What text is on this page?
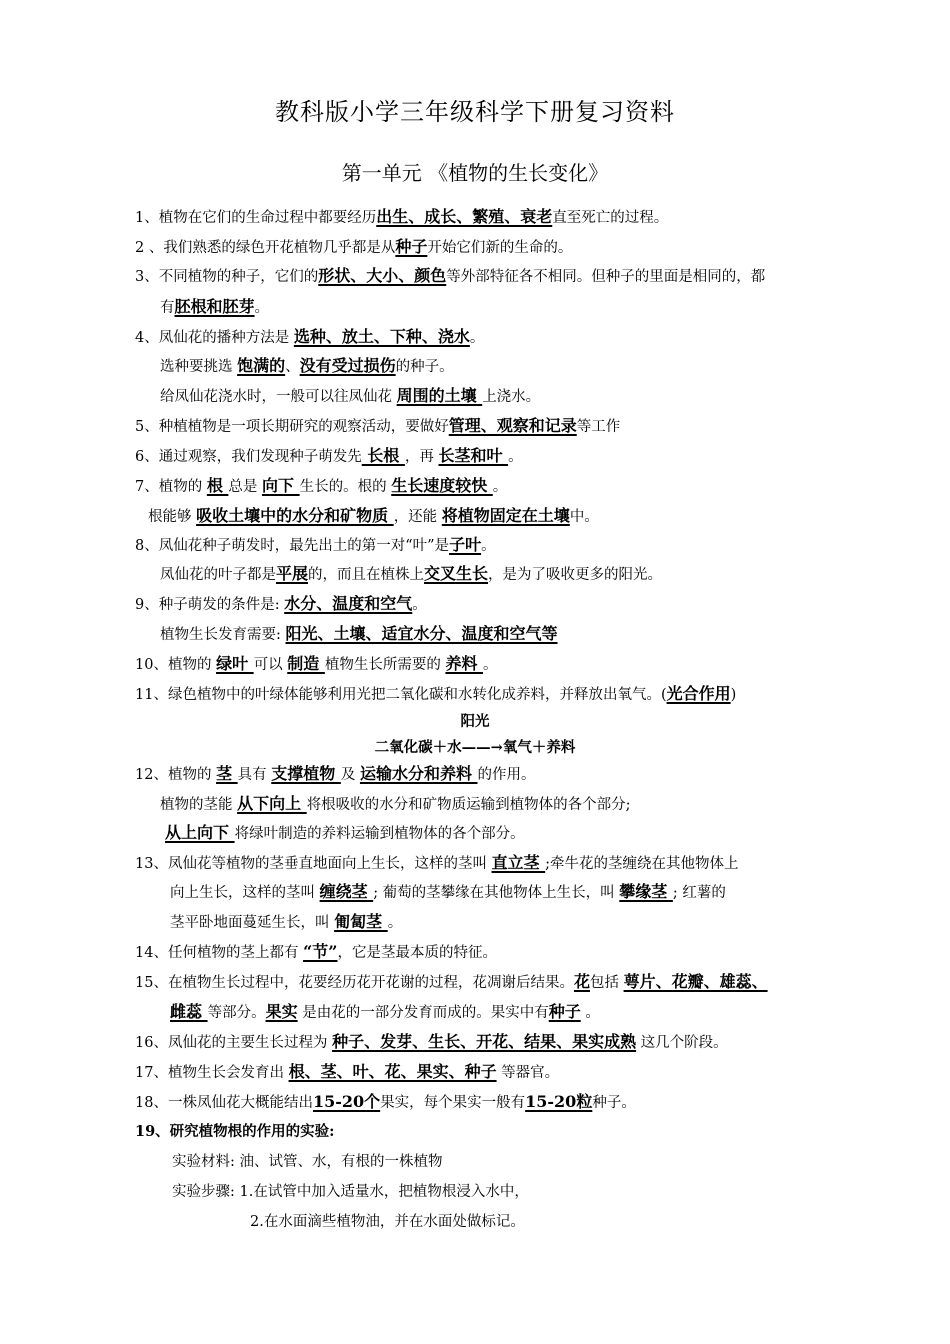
教科版小学三年级科学下册复习资料
第一单元 《植物的生长变化》
1、植物在它们的生命过程中都要经历出生、成长、繁殖、衰老直至死亡的过程。
2 、我们熟悉的绿色开花植物几乎都是从种子开始它们新的生命的。
3、不同植物的种子，它们的形状、大小、颜色等外部特征各不相同。但种子的里面是相同的，都
有胚根和胚芽。
4、凤仙花的播种方法是 选种、放土、下种、浇水。
选种要挑选 饱满的、没有受过损伤的种子。
给凤仙花浇水时，一般可以往凤仙花 周围的土壤 上浇水。
5、种植植物是一项长期研究的观察活动，要做好管理、观察和记录等工作
6、通过观察，我们发现种子萌发先 长根 ，再 长茎和叶 。
7、植物的 根 总是 向下 生长的。根的 生长速度较快 。
根能够 吸收土壤中的水分和矿物质 ，还能 将植物固定在土壤中。
8、凤仙花种子萌发时，最先出土的第一对“叶”是子叶。
凤仙花的叶子都是平展的，而且在植株上交叉生长，是为了吸收更多的阳光。
9、种子萌发的条件是: 水分、温度和空气。
植物生长发育需要: 阳光、土壤、适宜水分、温度和空气等
10、植物的 绿叶 可以 制造 植物生长所需要的 养料 。
11、绿色植物中的叶绿体能够利用光把二氧化碳和水转化成养料，并释放出氧气。(光合作用)
阳光
二氧化碳＋水——→氧气＋养料
12、植物的 茎 具有 支撑植物 及 运输水分和养料 的作用。
植物的茎能 从下向上 将根吸收的水分和矿物质运输到植物体的各个部分;
从上向下 将绿叶制造的养料运输到植物体的各个部分。
13、凤仙花等植物的茎垂直地面向上生长，这样的茎叫 直立茎 ;牵牛花的茎缠绕在其他物体上
向上生长，这样的茎叫 缠绕茎 ; 葡萄的茎攀缘在其他物体上生长，叫 攀缘茎 ; 红薯的
茎平卧地面蔓延生长，叫 匍匐茎 。
14、任何植物的茎上都有 “节”，它是茎最本质的特征。
15、在植物生长过程中，花要经历花开花谢的过程，花凋谢后结果。花包括 萼片、花瓣、雄蕊、
雌蕊 等部分。果实 是由花的一部分发育而成的。果实中有种子 。
16、凤仙花的主要生长过程为 种子、发芽、生长、开花、结果、果实成熟 这几个阶段。
17、植物生长会发育出 根、茎、叶、花、果实、种子 等器官。
18、一株凤仙花大概能结出15-20个果实，每个果实一般有15-20粒种子。
19、研究植物根的作用的实验:
实验材料: 油、试管、水，有根的一株植物
实验步骤: 1.在试管中加入适量水，把植物根浸入水中，
2.在水面滴些植物油，并在水面处做标记。
